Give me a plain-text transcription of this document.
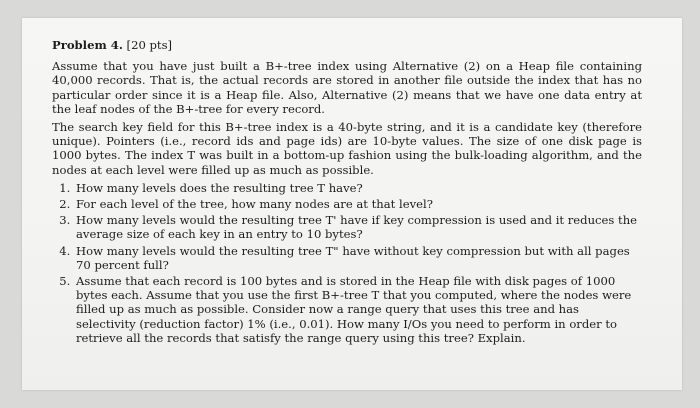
Problem 4. [20 pts]

Assume that you have just built a B+-tree index using Alternative (2) on a Heap file containing 40,000 records. That is, the actual records are stored in another file outside the index that has no particular order since it is a Heap file. Also, Alternative (2) means that we have one data entry at the leaf nodes of the B+-tree for every record.

The search key field for this B+-tree index is a 40-byte string, and it is a candidate key (therefore unique). Pointers (i.e., record ids and page ids) are 10-byte values. The size of one disk page is 1000 bytes. The index T was built in a bottom-up fashion using the bulk-loading algorithm, and the nodes at each level were filled up as much as possible.

1. How many levels does the resulting tree T have?
2. For each level of the tree, how many nodes are at that level?
3. How many levels would the resulting tree T' have if key compression is used and it reduces the average size of each key in an entry to 10 bytes?
4. How many levels would the resulting tree T" have without key compression but with all pages 70 percent full?
5. Assume that each record is 100 bytes and is stored in the Heap file with disk pages of 1000 bytes each. Assume that you use the first B+-tree T that you computed, where the nodes were filled up as much as possible. Consider now a range query that uses this tree and has selectivity (reduction factor) 1% (i.e., 0.01). How many I/Os you need to perform in order to retrieve all the records that satisfy the range query using this tree? Explain.
